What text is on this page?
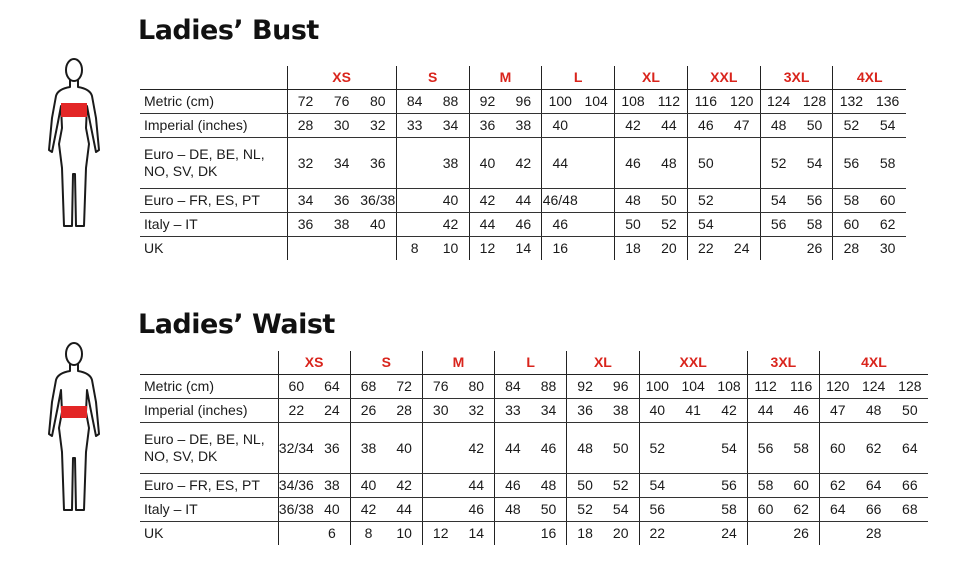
Ladies’ Bust
	XS			S		M		L		XL		XXL		3XL		4XL	
Metric (cm)	72	76	80	84	88	92	96	100	104	108	112	116	120	124	128	132	136
Imperial (inches)	28	30	32	33	34	36	38	40		42	44	46	47	48	50	52	54
Euro – DE, BE, NL, NO, SV, DK	32	34	36		38	40	42	44		46	48	50		52	54	56	58
Euro – FR, ES, PT	34	36	36/38		40	42	44	46/48		48	50	52		54	56	58	60
Italy – IT	36	38	40		42	44	46	46		50	52	54		56	58	60	62
UK				8	10	12	14	16		18	20	22	24		26	28	30
Ladies’ Waist
	XS		S		M		L		XL		XXL			3XL		4XL		
Metric (cm)	60	64	68	72	76	80	84	88	92	96	100	104	108	112	116	120	124	128
Imperial (inches)	22	24	26	28	30	32	33	34	36	38	40	41	42	44	46	47	48	50
Euro – DE, BE, NL, NO, SV, DK	32/34	36	38	40		42	44	46	48	50	52		54	56	58	60	62	64
Euro – FR, ES, PT	34/36	38	40	42		44	46	48	50	52	54		56	58	60	62	64	66
Italy – IT	36/38	40	42	44		46	48	50	52	54	56		58	60	62	64	66	68
UK		6	8	10	12	14		16	18	20	22		24		26		28	
